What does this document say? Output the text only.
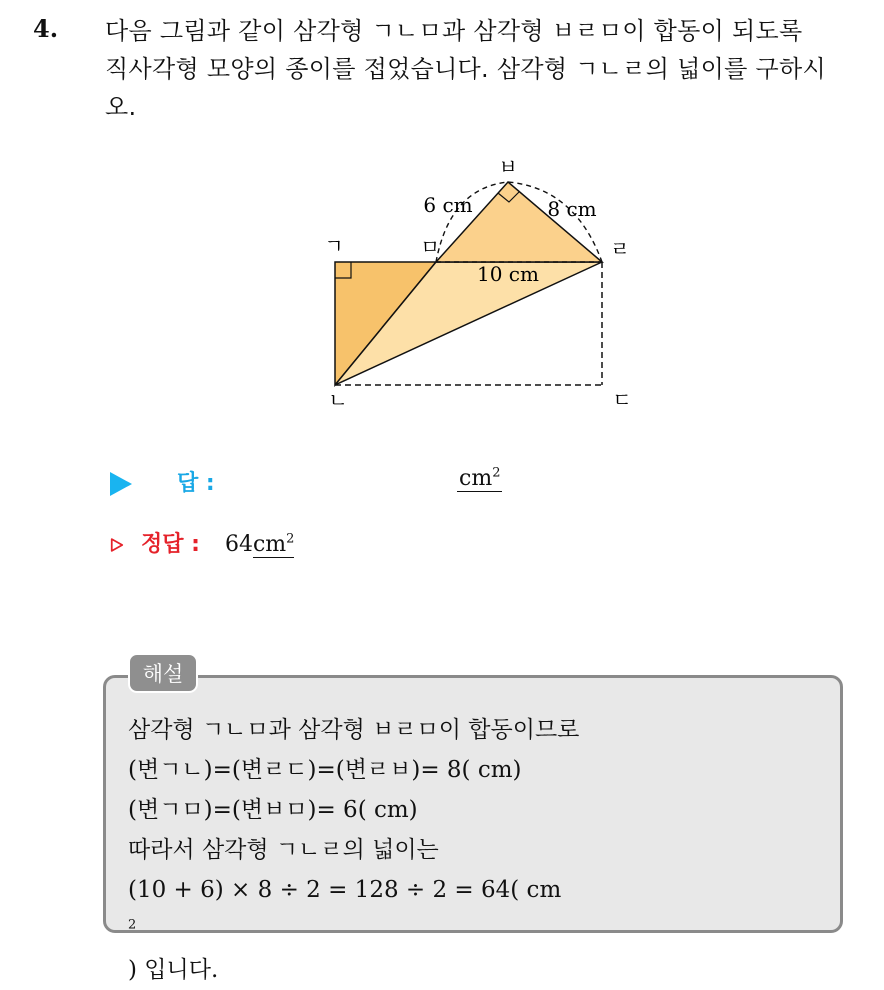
4. 다음 그림과 같이 삼각형 ㄱㄴㅁ과 삼각형 ㅂㄹㅁ이 합동이 되도록
직사각형 모양의 종이를 접었습니다. 삼각형 ㄱㄴㄹ의 넓이를 구하시
오.
ㄱ
ㄴ	ㄷ
ㄹ
ㅁ
ㅂ
6 cm	8 cm
10 cm
답 :	$cm^2$
정답 : $64cm^2$
해설
삼각형 ㄱㄴㅁ과 삼각형 ㅂㄹㅁ이 합동이므로
(변ㄱㄴ)=(변ㄹㄷ)=(변ㄹㅂ)= 8( cm)
(변ㄱㅁ)=(변ㅂㅁ)= 6( cm)
따라서 삼각형 ㄱㄴㄹ의 넓이는
(10 + 6) × 8 ÷ 2 = 128 ÷ 2 = 64( cm
$^2$
) 입니다.
